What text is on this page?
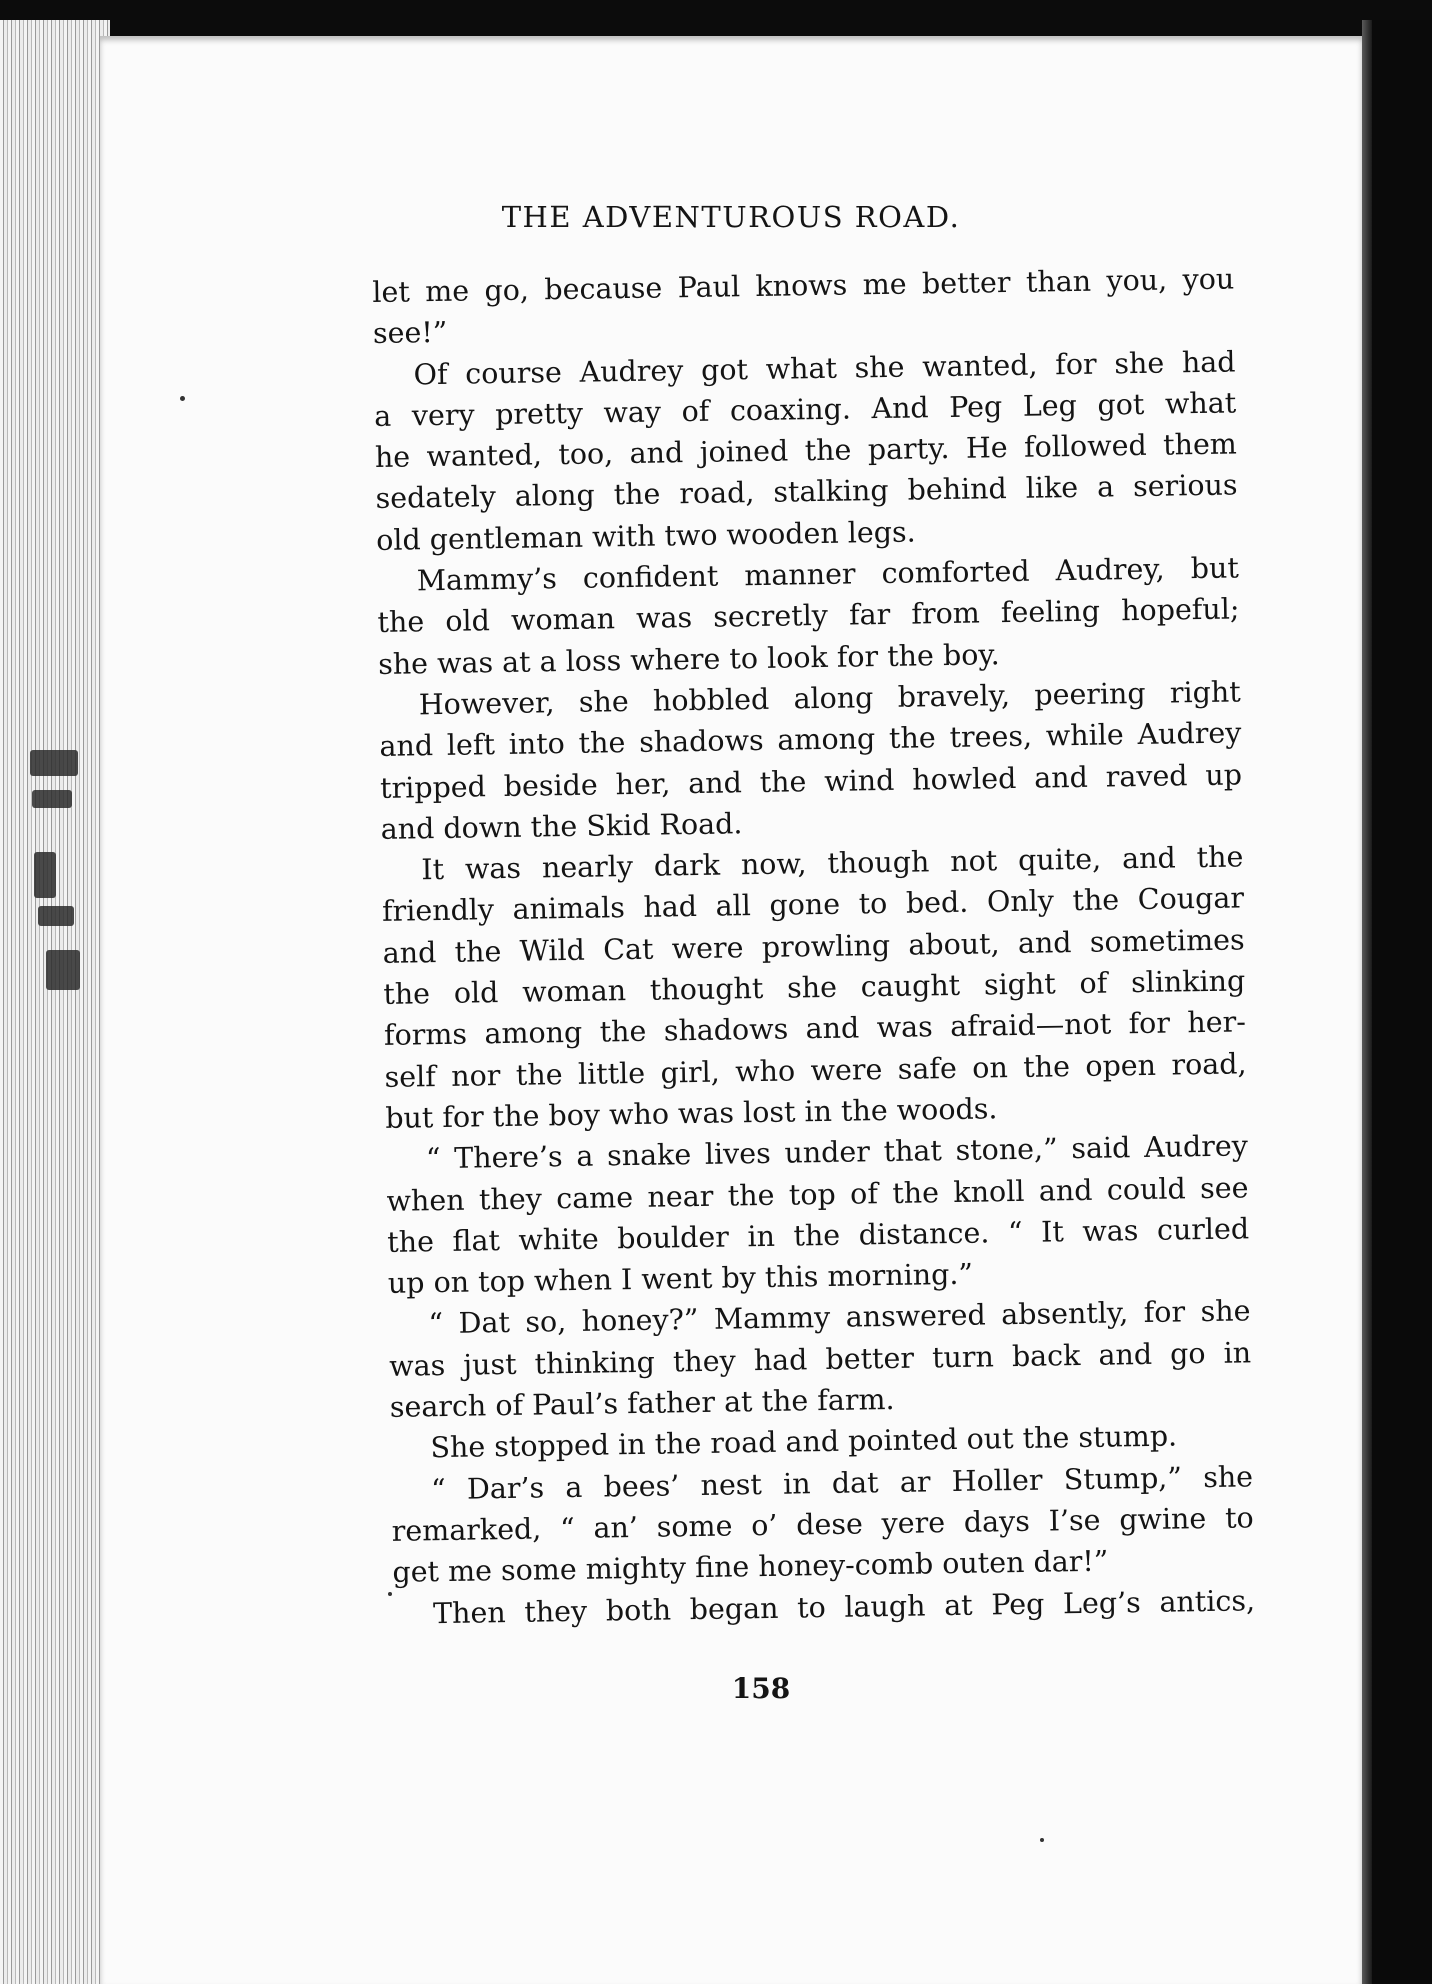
THE ADVENTUROUS ROAD.
let me go, because Paul knows me better than you, you
see!”
Of course Audrey got what she wanted, for she had
a very pretty way of coaxing. And Peg Leg got what
he wanted, too, and joined the party. He followed them
sedately along the road, stalking behind like a serious
old gentleman with two wooden legs.
Mammy’s confident manner comforted Audrey, but
the old woman was secretly far from feeling hopeful;
she was at a loss where to look for the boy.
However, she hobbled along bravely, peering right
and left into the shadows among the trees, while Audrey
tripped beside her, and the wind howled and raved up
and down the Skid Road.
It was nearly dark now, though not quite, and the
friendly animals had all gone to bed. Only the Cougar
and the Wild Cat were prowling about, and sometimes
the old woman thought she caught sight of slinking
forms among the shadows and was afraid—not for her-
self nor the little girl, who were safe on the open road,
but for the boy who was lost in the woods.
“ There’s a snake lives under that stone,” said Audrey
when they came near the top of the knoll and could see
the flat white boulder in the distance. “ It was curled
up on top when I went by this morning.”
“ Dat so, honey?” Mammy answered absently, for she
was just thinking they had better turn back and go in
search of Paul’s father at the farm.
She stopped in the road and pointed out the stump.
“ Dar’s a bees’ nest in dat ar Holler Stump,” she
remarked, “ an’ some o’ dese yere days I’se gwine to
get me some mighty fine honey-comb outen dar!”
Then they both began to laugh at Peg Leg’s antics,
158
